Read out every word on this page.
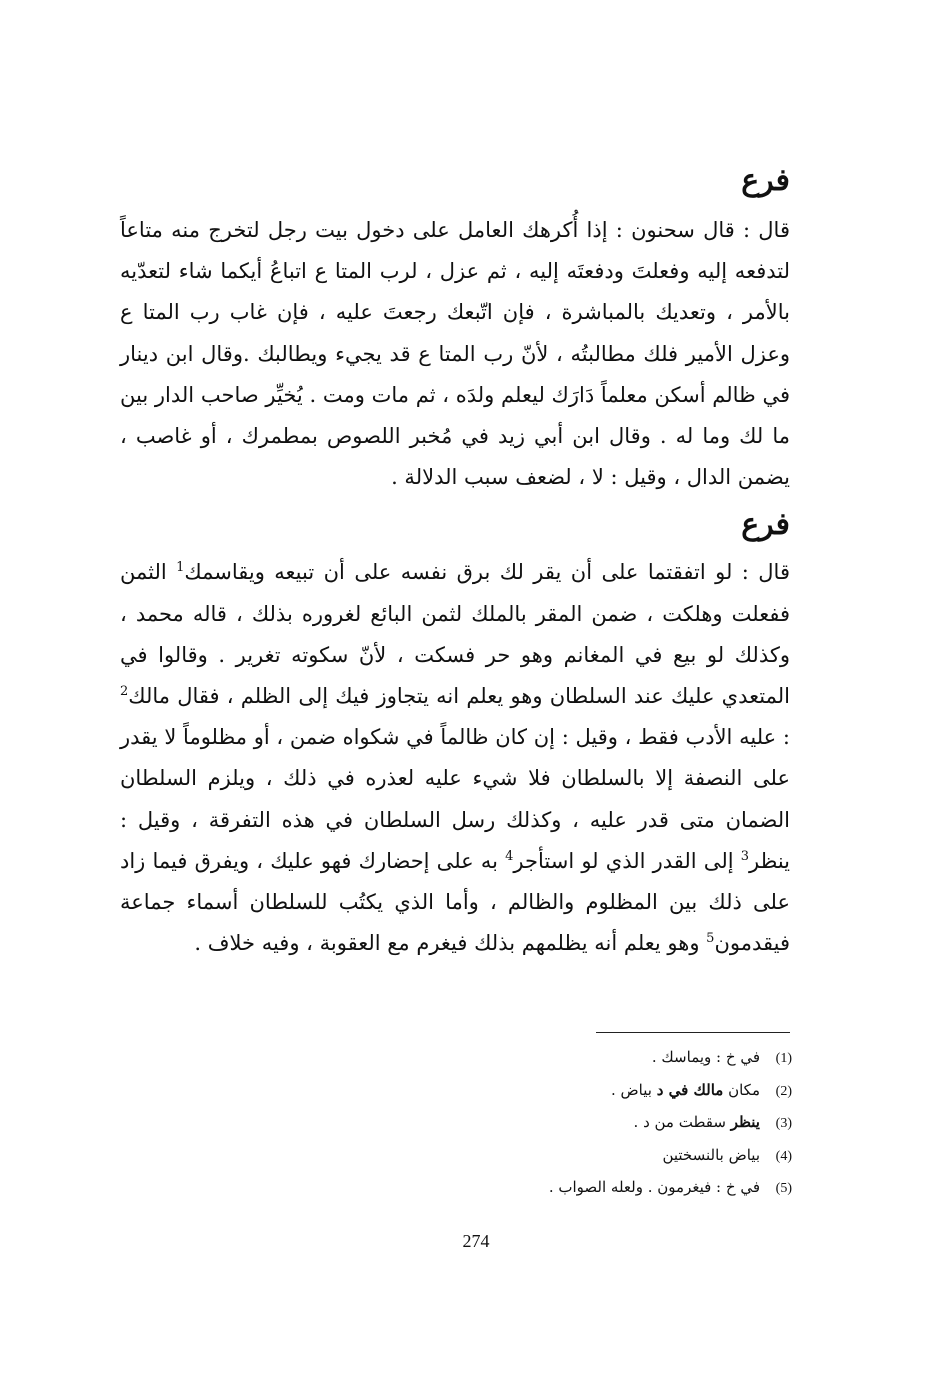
فرع

قال : قال سحنون : إذا أُكرهك العامل على دخول بيت رجل لتخرج منه متاعاً لتدفعه إليه وفعلتَ ودفعتَه إليه ، ثم عزل ، لرب المتا ع اتباعُ أيكما شاء لتعدّيه بالأمر ، وتعديك بالمباشرة ، فإن اتّبعك رجعتَ عليه ، فإن غاب رب المتا ع وعزل الأمير فلك مطالبتُه ، لأنّ رب المتا ع قد يجيء ويطالبك .وقال ابن دينار في ظالم أسكن معلماً دَارَك ليعلم ولدَه ، ثم مات ومت . يُخيِّر صاحب الدار بين ما لك وما له . وقال ابن أبي زيد في مُخبر اللصوص بمطمرك ، أو غاصب ، يضمن الدال ، وقيل : لا ، لضعف سبب الدلالة .

فرع

قال : لو اتفقتما على أن يقر لك برق نفسه على أن تبيعه ويقاسمك$^1$ الثمن ففعلت وهلكت ، ضمن المقر بالملك لثمن البائع لغروره بذلك ، قاله محمد ، وكذلك لو بيع في المغانم وهو حر فسكت ، لأنّ سكوته تغرير . وقالوا في المتعدي عليك عند السلطان وهو يعلم انه يتجاوز فيك إلى الظلم ، فقال مالك$^2$ : عليه الأدب فقط ، وقيل : إن كان ظالماً في شكواه ضمن ، أو مظلوماً لا يقدر على النصفة إلا بالسلطان فلا شيء عليه لعذره في ذلك ، ويلزم السلطان الضمان متى قدر عليه ، وكذلك رسل السلطان في هذه التفرقة ، وقيل : ينظر$^3$ إلى القدر الذي لو استأجر$^4$ به على إحضارك فهو عليك ، ويفرق فيما زاد على ذلك بين المظلوم والظالم ، وأما الذي يكتُب للسلطان أسماء جماعة فيقدمون$^5$ وهو يعلم أنه يظلمهم بذلك فيغرم مع العقوبة ، وفيه خلاف .

(1)في خ : ويماسك .
(2)مكان مالك في د بياض .
(3)ينظر سقطت من د .
(4)بياض بالنسختين
(5)في خ : فيغرمون . ولعله الصواب .
274
